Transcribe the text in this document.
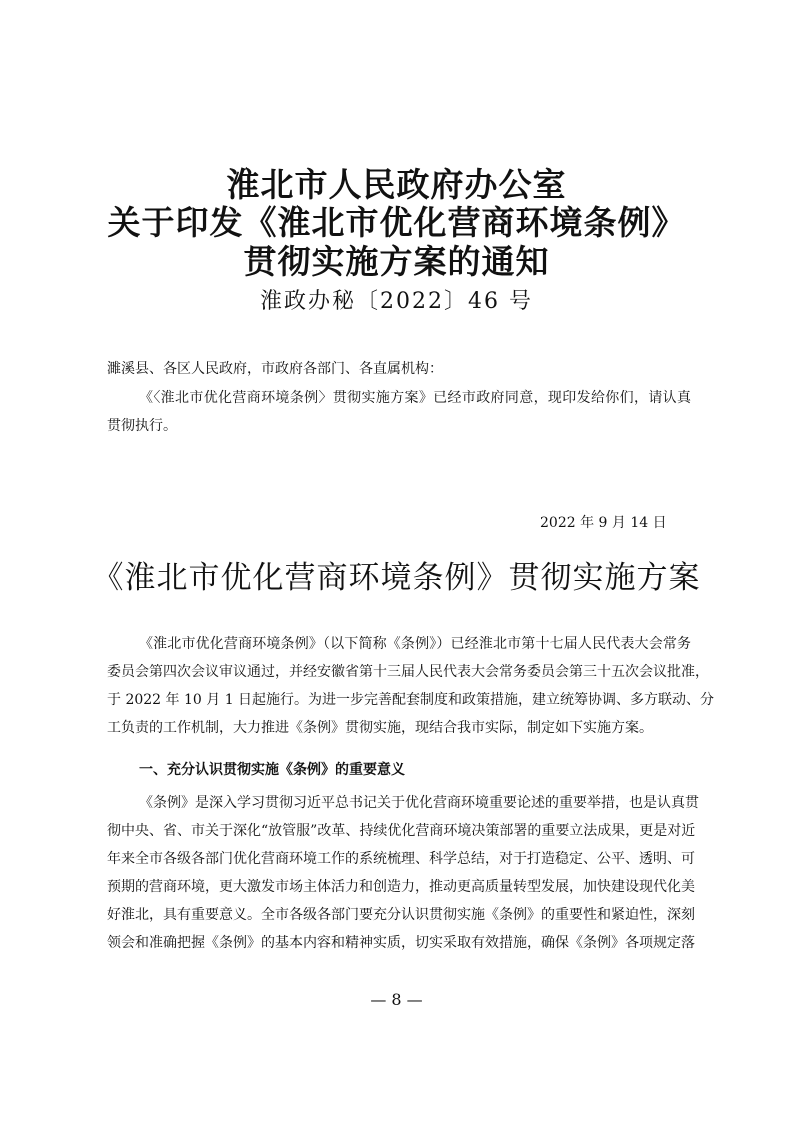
淮北市人民政府办公室
关于印发《淮北市优化营商环境条例》
贯彻实施方案的通知
淮政办秘〔2022〕46 号
濉溪县、各区人民政府，市政府各部门、各直属机构：
《〈淮北市优化营商环境条例〉贯彻实施方案》已经市政府同意，现印发给你们，请认真
贯彻执行。
2022 年 9 月 14 日
《淮北市优化营商环境条例》贯彻实施方案
《淮北市优化营商环境条例》（以下简称《条例》）已经淮北市第十七届人民代表大会常务
委员会第四次会议审议通过，并经安徽省第十三届人民代表大会常务委员会第三十五次会议批准，
于 2022 年 10 月 1 日起施行。为进一步完善配套制度和政策措施，建立统筹协调、多方联动、分
工负责的工作机制，大力推进《条例》贯彻实施，现结合我市实际，制定如下实施方案。
一、充分认识贯彻实施《条例》的重要意义
《条例》是深入学习贯彻习近平总书记关于优化营商环境重要论述的重要举措，也是认真贯
彻中央、省、市关于深化“放管服”改革、持续优化营商环境决策部署的重要立法成果，更是对近
年来全市各级各部门优化营商环境工作的系统梳理、科学总结，对于打造稳定、公平、透明、可
预期的营商环境，更大激发市场主体活力和创造力，推动更高质量转型发展，加快建设现代化美
好淮北，具有重要意义。全市各级各部门要充分认识贯彻实施《条例》的重要性和紧迫性，深刻
领会和准确把握《条例》的基本内容和精神实质，切实采取有效措施，确保《条例》各项规定落
— 8 —
